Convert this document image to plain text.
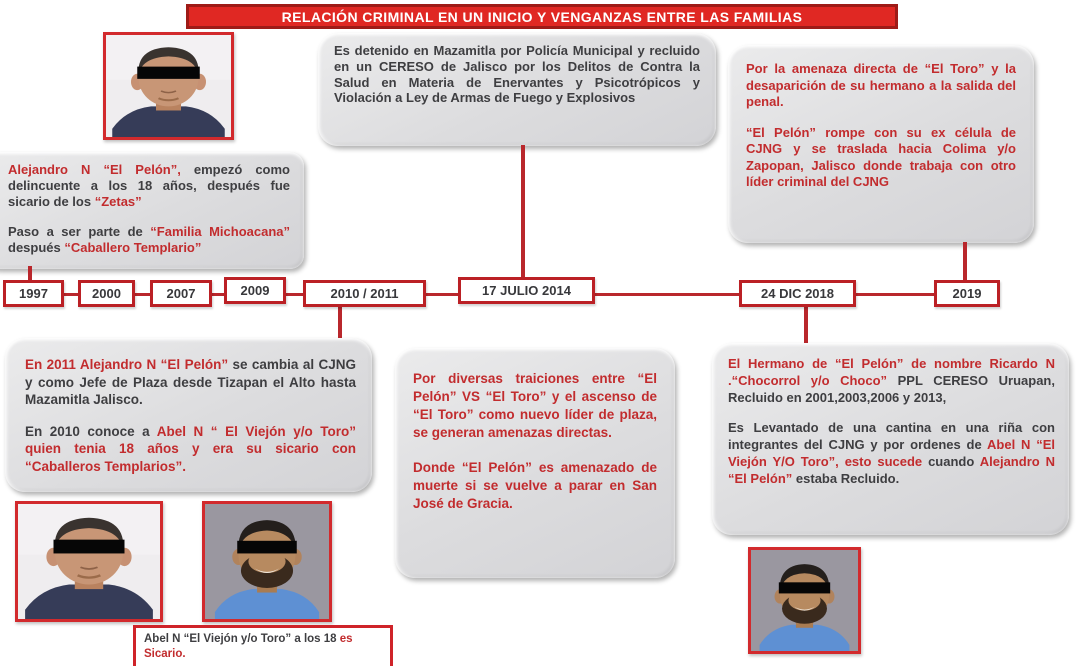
RELACIÓN CRIMINAL EN UN INICIO Y VENGANZAS ENTRE LAS FAMILIAS

Es detenido en Mazamitla por Policía Municipal y recluido en un CERESO de Jalisco por los Delitos de Contra la Salud en Materia de Enervantes y Psicotrópicos y Violación a Ley de Armas de Fuego y Explosivos

Por la amenaza directa de “El Toro” y la desaparición de su hermano a la salida del penal.

“El Pelón” rompe con su ex célula de CJNG y se traslada hacia Colima y/o Zapopan, Jalisco donde trabaja con otro líder criminal del CJNG

Alejandro N “El Pelón”, empezó como delincuente a los 18 años, después fue sicario de los “Zetas”

Paso a ser parte de “Familia Michoacana” después “Caballero Templario”

1997	2000	2007	2009	2010 / 2011	17 JULIO 2014	24 DIC 2018	2019

En 2011 Alejandro N “El Pelón” se cambia al CJNG y como Jefe de Plaza desde Tizapan el Alto hasta Mazamitla Jalisco.

En 2010 conoce a Abel N “ El Viejón y/o Toro” quien tenia 18 años y era su sicario con “Caballeros Templarios”.

Por diversas traiciones entre “El Pelón” VS “El Toro” y el ascenso de “El Toro” como nuevo líder de plaza, se generan amenazas directas.

Donde “El Pelón” es amenazado de muerte si se vuelve a parar en San José de Gracia.

El Hermano de “El Pelón” de nombre Ricardo N .“Chocorrol y/o Choco” PPL CERESO Uruapan, Recluido en 2001,2003,2006 y 2013,

Es Levantado de una cantina en una riña con integrantes del CJNG y por ordenes de Abel N “El Viejón Y/O Toro”, esto sucede cuando Alejandro N “El Pelón” estaba Recluido.

Abel N “El Viejón y/o Toro” a los 18 es Sicario.
